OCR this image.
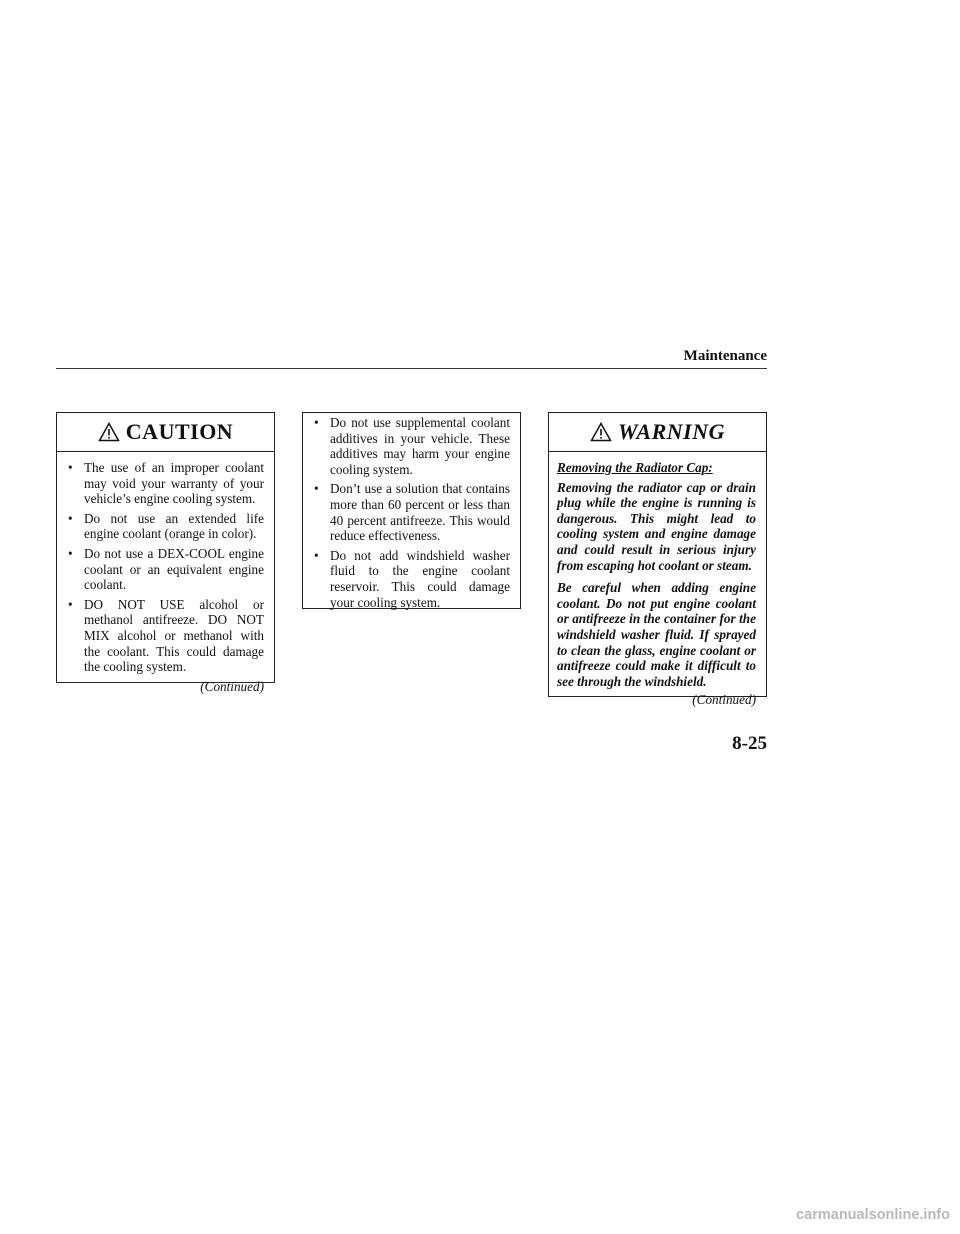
Maintenance
CAUTION
• The use of an improper coolant may void your warranty of your vehicle’s engine cooling system.
• Do not use an extended life engine coolant (orange in color).
• Do not use a DEX-COOL engine coolant or an equivalent engine coolant.
• DO NOT USE alcohol or methanol antifreeze. DO NOT MIX alcohol or methanol with the coolant. This could damage the cooling system.
(Continued)
• Do not use supplemental coolant additives in your vehicle. These additives may harm your engine cooling system.
• Don’t use a solution that contains more than 60 percent or less than 40 percent antifreeze. This would reduce effectiveness.
• Do not add windshield washer fluid to the engine coolant reservoir. This could damage your cooling system.
WARNING

Removing the Radiator Cap:

Removing the radiator cap or drain plug while the engine is running is dangerous. This might lead to cooling system and engine damage and could result in serious injury from escaping hot coolant or steam.

Be careful when adding engine coolant. Do not put engine coolant or antifreeze in the container for the windshield washer fluid. If sprayed to clean the glass, engine coolant or antifreeze could make it difficult to see through the windshield.

(Continued)
8-25
carmanualsonline.info
